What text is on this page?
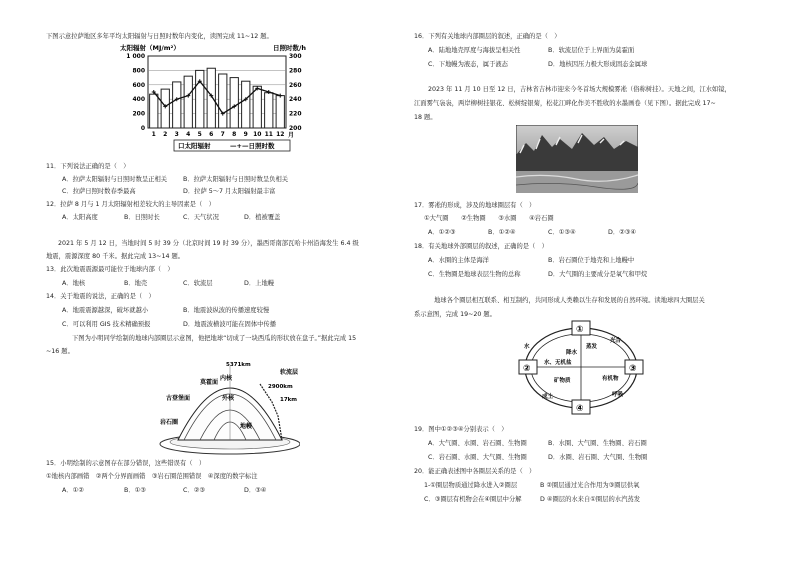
下图示意拉萨地区多年平均太阳辐射与日照时数年内变化，读图完成 11~12 题。
太阳辐射（MJ/m²）	日照时数/h
0
200
400
600
800
1 000
200
220
240
260
280
300
1 2 3 4 5 6 7 8 9 10 11 12 月
口太阳辐射	—+—日照时数
11．下列说法正确的是（　）
A．拉萨太阳辐射与日照时数呈正相关	B．拉萨太阳辐射与日照时数呈负相关
C．拉萨日照时数春季最高	D．拉萨 5～7 月太阳辐射最丰富
12．拉萨 8 月与 1 月太阳辐射相差较大的主导因素是（　）
A．太阳高度	B．日照时长	C．天气状况	D．植被覆盖
2021 年 5 月 12 日，当地时间 5 时 39 分（北京时间 19 时 39 分），墨西哥南部瓦哈卡州沿海发生 6.4 级
地震，震源深度 80 千米。据此完成 13~14 题。
13．此次地震震源最可能位于地球内部（　）
A．地核	B．地壳	C．软流层	D．上地幔
14．关于地震的说法，正确的是（　）
A．地震震源越深，破坏就越小	B．地震波纵波的传播速度较慢
C．可以利用 GIS 技术精确预报	D．地震波横波可能在固体中传播
下图为小明同学绘制的地球内部圈层示意图，他把地球“切成了一块西瓜的形状放在盘子。”据此完成 15
~16 题。
5371km
2900km
17km
内核
外核
软流层
莫霍面
古登堡面
岩石圈
地幔
15．小明绘制的示意图存在部分错误，这些错误有（　）
①地核内部画错　②两个分界面画错　③岩石圈范围错误　④深度的数字标注
A．①②	B．①③	C．②③	D．③④
16．下列有关地球内部圈层的叙述，正确的是（　）
A．陆地地壳厚度与海拔呈相关性	B．软流层位于上界面为莫霍面
C．下地幔为液态，属于液态	D．地核因压力极大形成固态金属球
2023 年 11 月 10 日至 12 日，吉林省吉林市迎来今冬首场大规模雾凇（俗称树挂）。天地之间，江水如镜，
江面雾气袅袅，两岸柳树挂银花、松树绽银菊，松花江畔化作美不胜收的水墨画卷（见下图）。据此完成 17~
18 题。
17．雾凇的形成，涉及的地球圈层有（　）
①大气圈　　②生物圈　　③水圈　　④岩石圈
A．①②③	B．①②④	C．①③④	D．②③④
18．有关地球外部圈层的叙述，正确的是（　）
A．水圈的主体是海洋	B．岩石圈位于地壳和上地幔中
C．生物圈是地球表层生物的总称	D．大气圈的主要成分是氧气和甲烷
地球各个圈层相互联系、相互制约，共同形成人类赖以生存和发展的自然环境。读地球四大圈层关
系示意图，完成 19~20 题。
①
②	③
④
降水
水、无机盐
有机物
矿物质
蒸发
成土
光合
呼吸
水
19．图中①②③④分别表示（　）
A．大气圈、水圈、岩石圈、生物圈	B．水圈、大气圈、生物圈、岩石圈
C．岩石圈、水圈、大气圈、生物圈	D．水圈、岩石圈、大气圈、生物圈
20．能正确表述图中各圈层关系的是（　）
1-①圈层物质通过降水进入②圈层	B ②圈层通过光合作用为③圈层供氧
C．③圈层有机物会在④圈层中分解	D ④圈层的水来自①圈层的水汽蒸发
